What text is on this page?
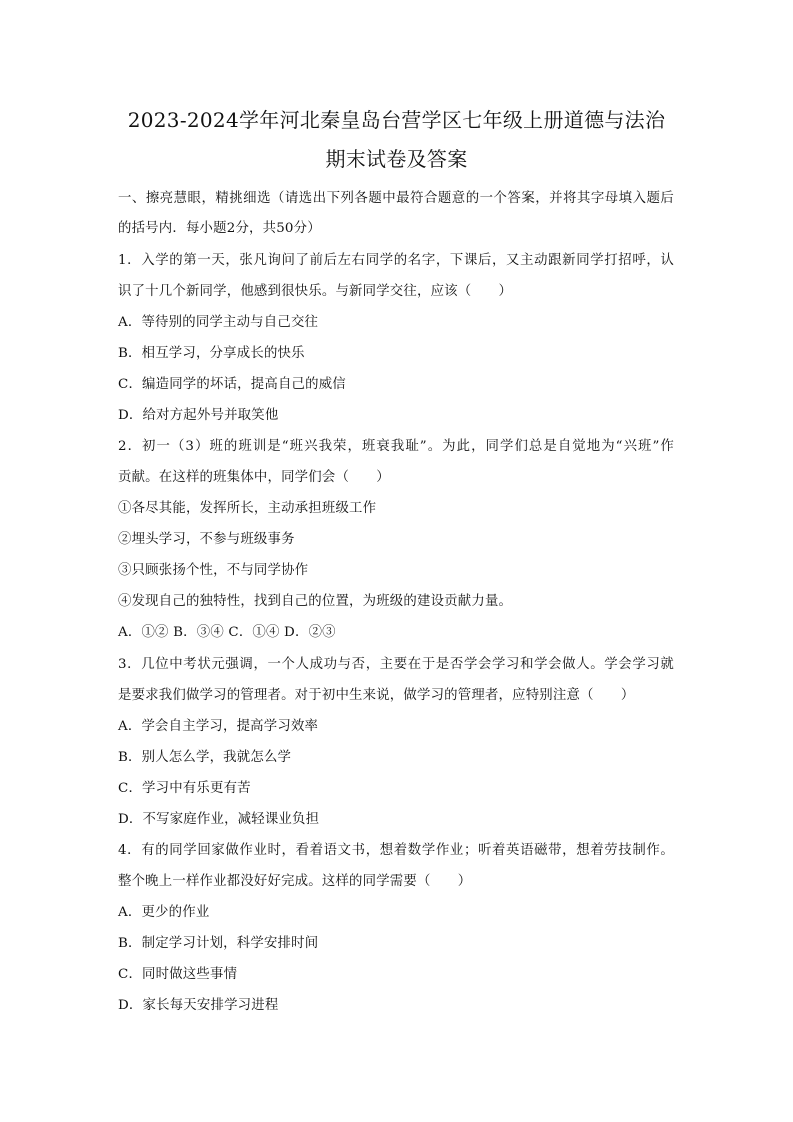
2023-2024学年河北秦皇岛台营学区七年级上册道德与法治
期末试卷及答案
一、擦亮慧眼，精挑细选（请选出下列各题中最符合题意的一个答案，并将其字母填入题后
的括号内．每小题2分，共50分）
1．入学的第一天，张凡询问了前后左右同学的名字，下课后，又主动跟新同学打招呼，认
识了十几个新同学，他感到很快乐。与新同学交往，应该（　　）
A．等待别的同学主动与自己交往
B．相互学习，分享成长的快乐
C．编造同学的坏话，提高自己的威信
D．给对方起外号并取笑他
2．初一（3）班的班训是“班兴我荣，班衰我耻”。为此，同学们总是自觉地为“兴班”作
贡献。在这样的班集体中，同学们会（　　）
①各尽其能，发挥所长，主动承担班级工作
②埋头学习，不参与班级事务
③只顾张扬个性，不与同学协作
④发现自己的独特性，找到自己的位置，为班级的建设贡献力量。
A．①② B．③④ C．①④ D．②③
3．几位中考状元强调，一个人成功与否，主要在于是否学会学习和学会做人。学会学习就
是要求我们做学习的管理者。对于初中生来说，做学习的管理者，应特别注意（　　）
A．学会自主学习，提高学习效率
B．别人怎么学，我就怎么学
C．学习中有乐更有苦
D．不写家庭作业，减轻课业负担
4．有的同学回家做作业时，看着语文书，想着数学作业；听着英语磁带，想着劳技制作。
整个晚上一样作业都没好好完成。这样的同学需要（　　）
A．更少的作业
B．制定学习计划，科学安排时间
C．同时做这些事情
D．家长每天安排学习进程
